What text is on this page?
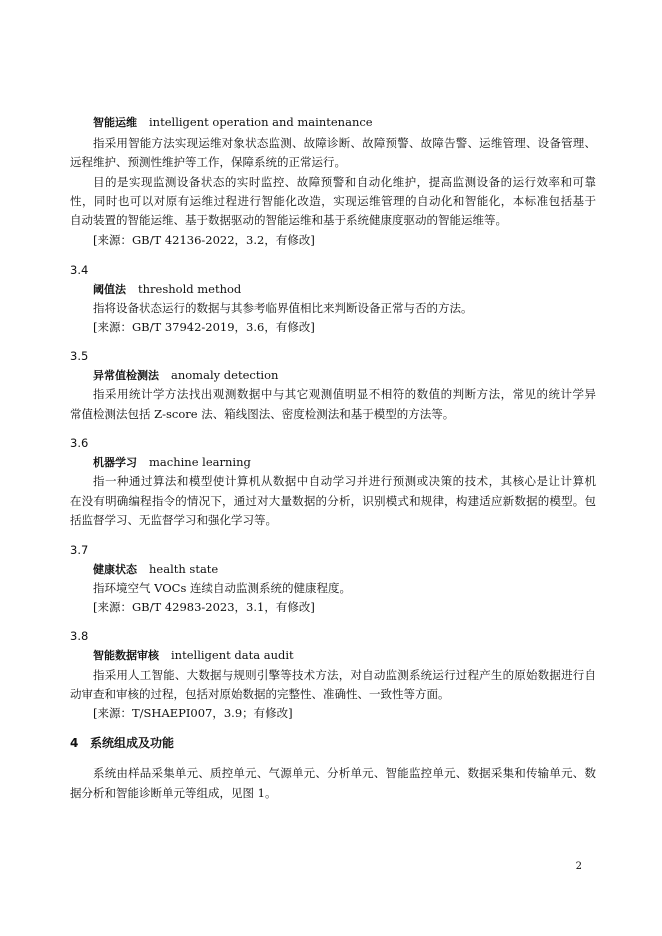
智能运维 intelligent operation and maintenance
指采用智能方法实现运维对象状态监测、故障诊断、故障预警、故障告警、运维管理、设备管理、
远程维护、预测性维护等工作，保障系统的正常运行。
目的是实现监测设备状态的实时监控、故障预警和自动化维护，提高监测设备的运行效率和可靠
性，同时也可以对原有运维过程进行智能化改造，实现运维管理的自动化和智能化，本标准包括基于
自动装置的智能运维、基于数据驱动的智能运维和基于系统健康度驱动的智能运维等。
[来源：GB/T 42136-2022，3.2，有修改]
3.4
阈值法 threshold method
指将设备状态运行的数据与其参考临界值相比来判断设备正常与否的方法。
[来源：GB/T 37942-2019，3.6，有修改]
3.5
异常值检测法 anomaly detection
指采用统计学方法找出观测数据中与其它观测值明显不相符的数值的判断方法，常见的统计学异
常值检测法包括 Z-score 法、箱线图法、密度检测法和基于模型的方法等。
3.6
机器学习 machine learning
指一种通过算法和模型使计算机从数据中自动学习并进行预测或决策的技术，其核心是让计算机
在没有明确编程指令的情况下，通过对大量数据的分析，识别模式和规律，构建适应新数据的模型。包
括监督学习、无监督学习和强化学习等。
3.7
健康状态 health state
指环境空气 VOCs 连续自动监测系统的健康程度。
[来源：GB/T 42983-2023，3.1，有修改]
3.8
智能数据审核 intelligent data audit
指采用人工智能、大数据与规则引擎等技术方法，对自动监测系统运行过程产生的原始数据进行自
动审查和审核的过程，包括对原始数据的完整性、准确性、一致性等方面。
[来源：T/SHAEPI007，3.9；有修改]
4 系统组成及功能
系统由样品采集单元、质控单元、气源单元、分析单元、智能监控单元、数据采集和传输单元、数
据分析和智能诊断单元等组成，见图 1。
2
